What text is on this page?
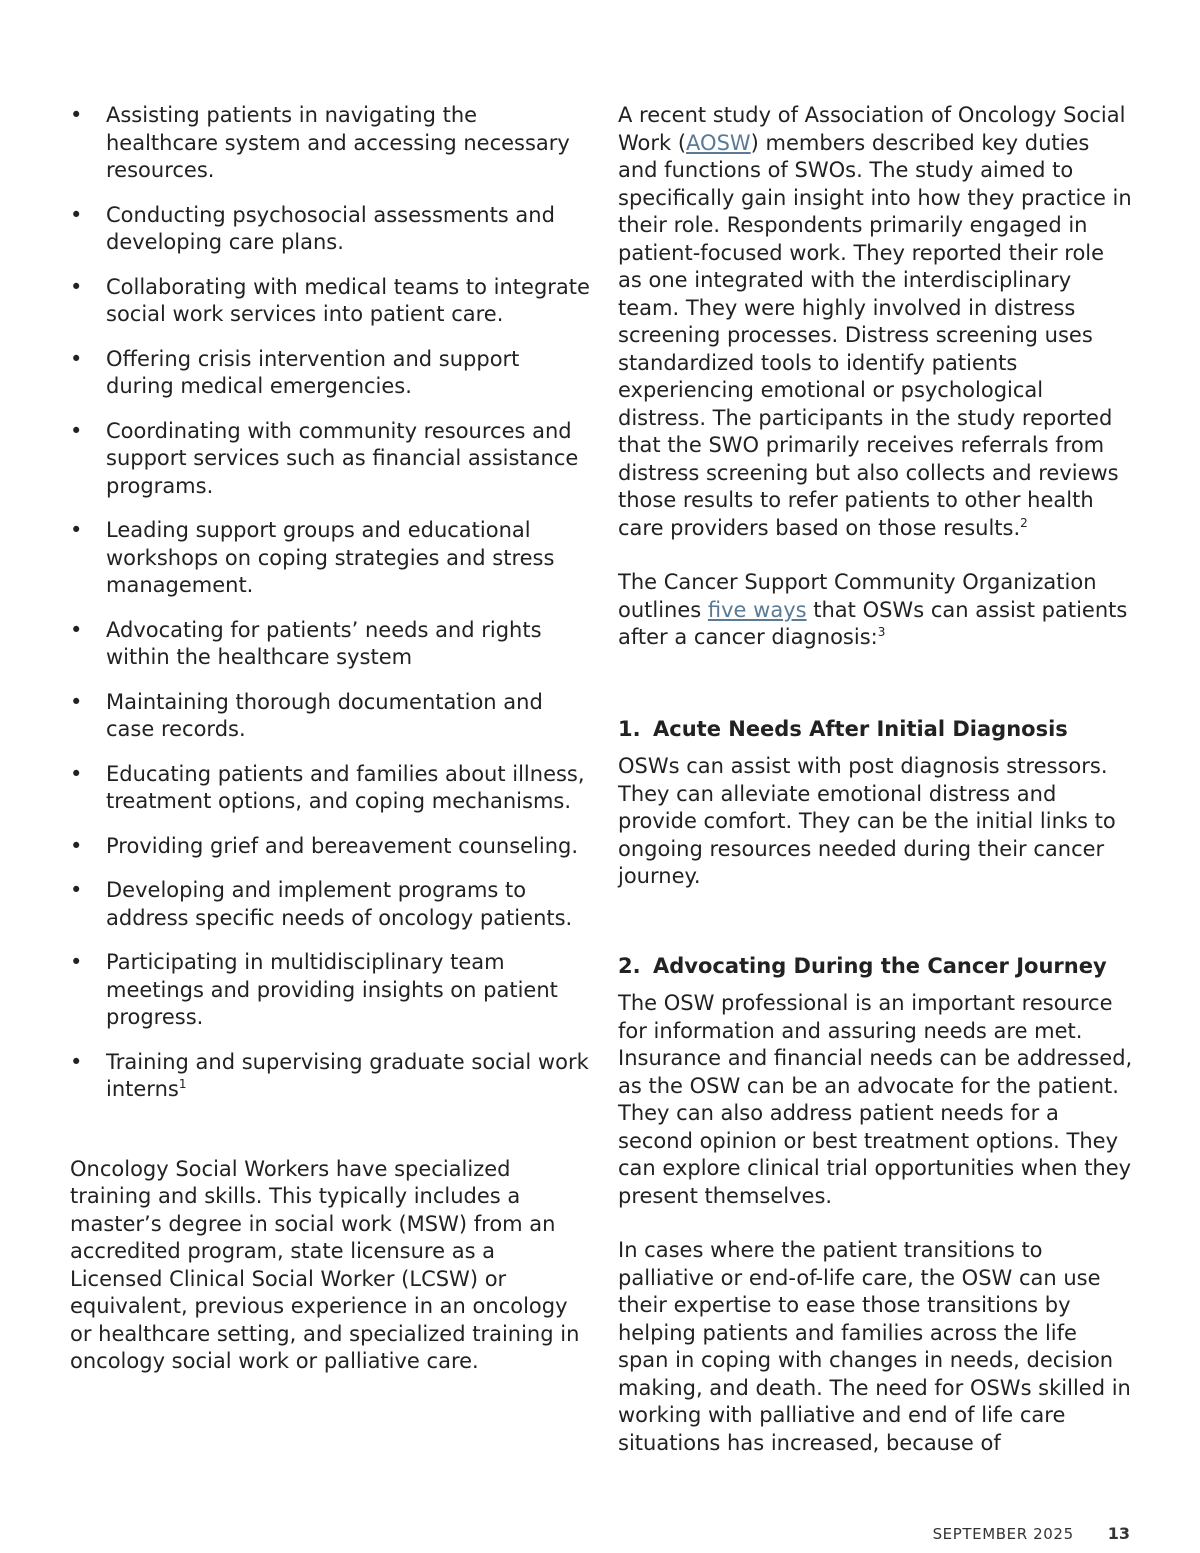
• Assisting patients in navigating the healthcare system and accessing necessary resources.
• Conducting psychosocial assessments and developing care plans.
• Collaborating with medical teams to integrate social work services into patient care.
• Offering crisis intervention and support during medical emergencies.
• Coordinating with community resources and support services such as financial assistance programs.
• Leading support groups and educational workshops on coping strategies and stress management.
• Advocating for patients’ needs and rights within the healthcare system
• Maintaining thorough documentation and case records.
• Educating patients and families about illness, treatment options, and coping mechanisms.
• Providing grief and bereavement counseling.
• Developing and implement programs to address specific needs of oncology patients.
• Participating in multidisciplinary team meetings and providing insights on patient progress.
• Training and supervising graduate social work interns$^1$

Oncology Social Workers have specialized training and skills. This typically includes a master’s degree in social work (MSW) from an accredited program, state licensure as a Licensed Clinical Social Worker (LCSW) or equivalent, previous experience in an oncology or healthcare setting, and specialized training in oncology social work or palliative care.

A recent study of Association of Oncology Social Work (AOSW) members described key duties and functions of SWOs. The study aimed to specifically gain insight into how they practice in their role. Respondents primarily engaged in patient-focused work. They reported their role as one integrated with the interdisciplinary team. They were highly involved in distress screening processes. Distress screening uses standardized tools to identify patients experiencing emotional or psychological distress. The participants in the study reported that the SWO primarily receives referrals from distress screening but also collects and reviews those results to refer patients to other health care providers based on those results.$^2$

The Cancer Support Community Organization outlines five ways that OSWs can assist patients after a cancer diagnosis:$^3$

1. Acute Needs After Initial Diagnosis

OSWs can assist with post diagnosis stressors. They can alleviate emotional distress and provide comfort. They can be the initial links to ongoing resources needed during their cancer journey.

2. Advocating During the Cancer Journey

The OSW professional is an important resource for information and assuring needs are met. Insurance and financial needs can be addressed, as the OSW can be an advocate for the patient. They can also address patient needs for a second opinion or best treatment options. They can explore clinical trial opportunities when they present themselves.

In cases where the patient transitions to palliative or end-of-life care, the OSW can use their expertise to ease those transitions by helping patients and families across the life span in coping with changes in needs, decision making, and death. The need for OSWs skilled in working with palliative and end of life care situations has increased, because of

SEPTEMBER 2025 13
